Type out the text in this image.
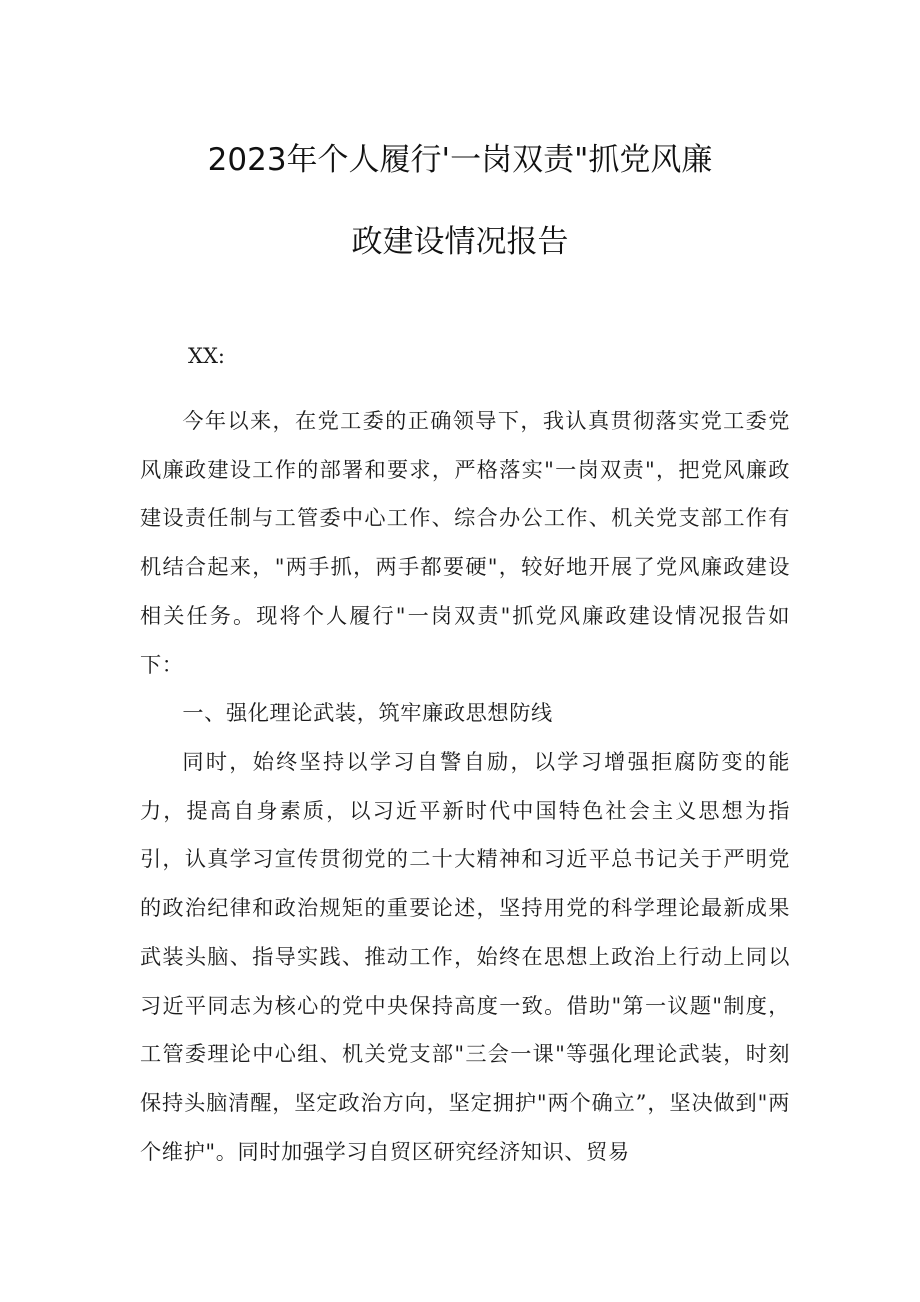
2023年个人履行'一岗双责"抓党风廉
政建设情况报告
XX:

今年以来，在党工委的正确领导下，我认真贯彻落实党工委党风廉政建设工作的部署和要求，严格落实"一岗双责"，把党风廉政建设责任制与工管委中心工作、综合办公工作、机关党支部工作有机结合起来，"两手抓，两手都要硬"，较好地开展了党风廉政建设相关任务。现将个人履行"一岗双责"抓党风廉政建设情况报告如下：

一、强化理论武装，筑牢廉政思想防线

同时，始终坚持以学习自警自励，以学习增强拒腐防变的能力，提高自身素质，以习近平新时代中国特色社会主义思想为指引，认真学习宣传贯彻党的二十大精神和习近平总书记关于严明党的政治纪律和政治规矩的重要论述，坚持用党的科学理论最新成果武装头脑、指导实践、推动工作，始终在思想上政治上行动上同以习近平同志为核心的党中央保持高度一致。借助"第一议题"制度，工管委理论中心组、机关党支部"三会一课"等强化理论武装，时刻保持头脑清醒，坚定政治方向，坚定拥护"两个确立”，坚决做到"两个维护"。同时加强学习自贸区研究经济知识、贸易
